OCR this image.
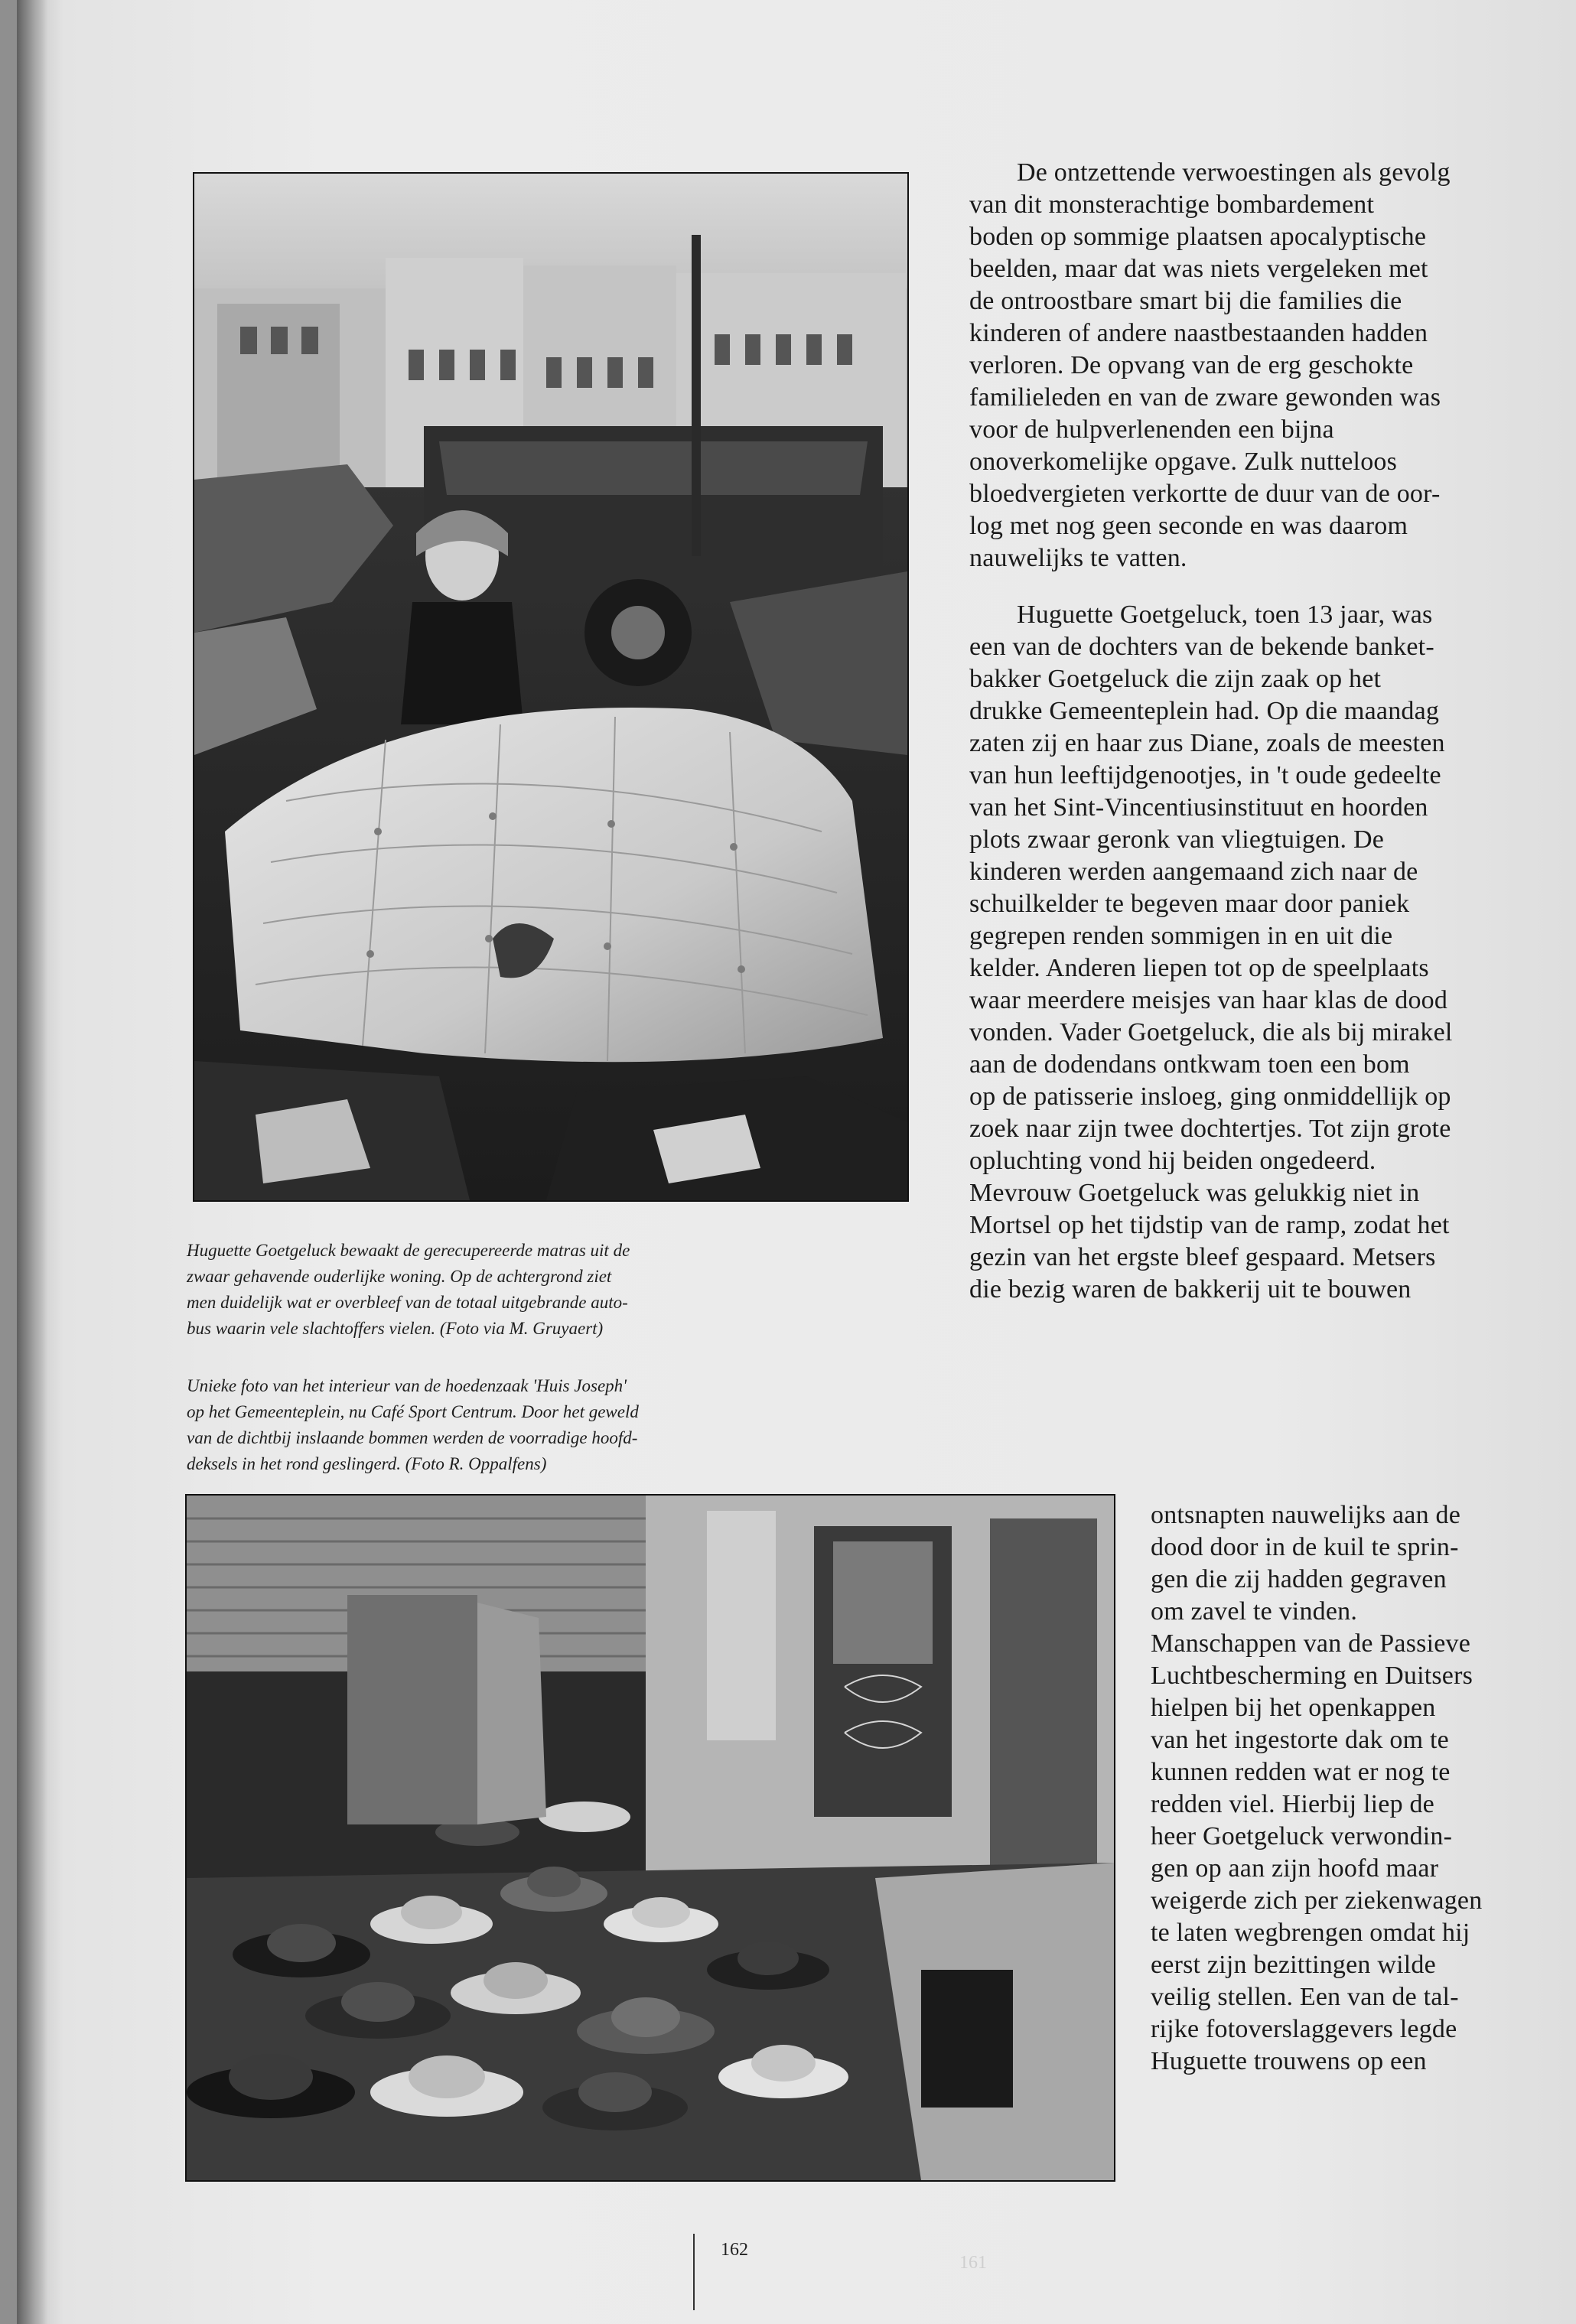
Huguette Goetgeluck bewaakt de gerecupereerde matras uit de
zwaar gehavende ouderlijke woning. Op de achtergrond ziet
men duidelijk wat er overbleef van de totaal uitgebrande auto-
bus waarin vele slachtoffers vielen. (Foto via M. Gruyaert)
Unieke foto van het interieur van de hoedenzaak 'Huis Joseph'
op het Gemeenteplein, nu Café Sport Centrum. Door het geweld
van de dichtbij inslaande bommen werden de voorradige hoofd-
deksels in het rond geslingerd. (Foto R. Oppalfens)
De ontzettende verwoestingen als gevolg
van dit monsterachtige bombardement
boden op sommige plaatsen apocalyptische
beelden, maar dat was niets vergeleken met
de ontroostbare smart bij die families die
kinderen of andere naastbestaanden hadden
verloren. De opvang van de erg geschokte
familieleden en van de zware gewonden was
voor de hulpverlenenden een bijna
onoverkomelijke opgave. Zulk nutteloos
bloedvergieten verkortte de duur van de oor-
log met nog geen seconde en was daarom
nauwelijks te vatten.
Huguette Goetgeluck, toen 13 jaar, was
een van de dochters van de bekende banket-
bakker Goetgeluck die zijn zaak op het
drukke Gemeenteplein had. Op die maandag
zaten zij en haar zus Diane, zoals de meesten
van hun leeftijdgenootjes, in 't oude gedeelte
van het Sint-Vincentiusinstituut en hoorden
plots zwaar geronk van vliegtuigen. De
kinderen werden aangemaand zich naar de
schuilkelder te begeven maar door paniek
gegrepen renden sommigen in en uit die
kelder. Anderen liepen tot op de speelplaats
waar meerdere meisjes van haar klas de dood
vonden. Vader Goetgeluck, die als bij mirakel
aan de dodendans ontkwam toen een bom
op de patisserie insloeg, ging onmiddellijk op
zoek naar zijn twee dochtertjes. Tot zijn grote
opluchting vond hij beiden ongedeerd.
Mevrouw Goetgeluck was gelukkig niet in
Mortsel op het tijdstip van de ramp, zodat het
gezin van het ergste bleef gespaard. Metsers
die bezig waren de bakkerij uit te bouwen
ontsnapten nauwelijks aan de
dood door in de kuil te sprin-
gen die zij hadden gegraven
om zavel te vinden.
Manschappen van de Passieve
Luchtbescherming en Duitsers
hielpen bij het openkappen
van het ingestorte dak om te
kunnen redden wat er nog te
redden viel. Hierbij liep de
heer Goetgeluck verwondin-
gen op aan zijn hoofd maar
weigerde zich per ziekenwagen
te laten wegbrengen omdat hij
eerst zijn bezittingen wilde
veilig stellen. Een van de tal-
rijke fotoverslaggevers legde
Huguette trouwens op een
162
161
